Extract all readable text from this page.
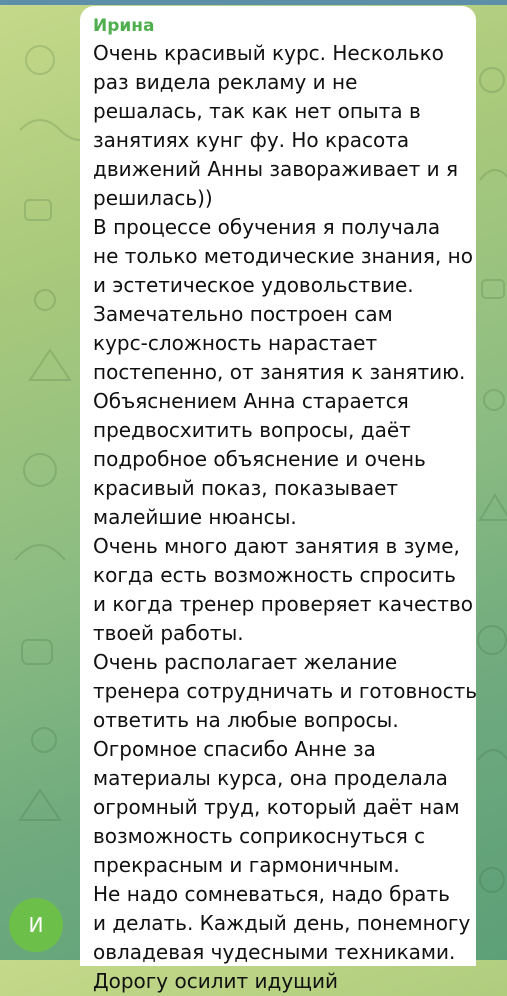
Ирина
Очень красивый курс. Несколько
раз видела рекламу и не
решалась, так как нет опыта в
занятиях кунг фу. Но красота
движений Анны завораживает и я
решилась))
В процессе обучения я получала
не только методические знания, но
и эстетическое удовольствие.
Замечательно построен сам
курс-сложность нарастает
постепенно, от занятия к занятию.
Объяснением Анна старается
предвосхитить вопросы, даёт
подробное объяснение и очень
красивый показ, показывает
малейшие нюансы.
Очень много дают занятия в зуме,
когда есть возможность спросить
и когда тренер проверяет качество
твоей работы.
Очень располагает желание
тренера сотрудничать и готовность
ответить на любые вопросы.
Огромное спасибо Анне за
материалы курса, она проделала
огромный труд, который даёт нам
возможность соприкоснуться с
прекрасным и гармоничным.
Не надо сомневаться, надо брать
и делать. Каждый день, понемногу
овладевая чудесными техниками.
Дорогу осилит идущий
И
